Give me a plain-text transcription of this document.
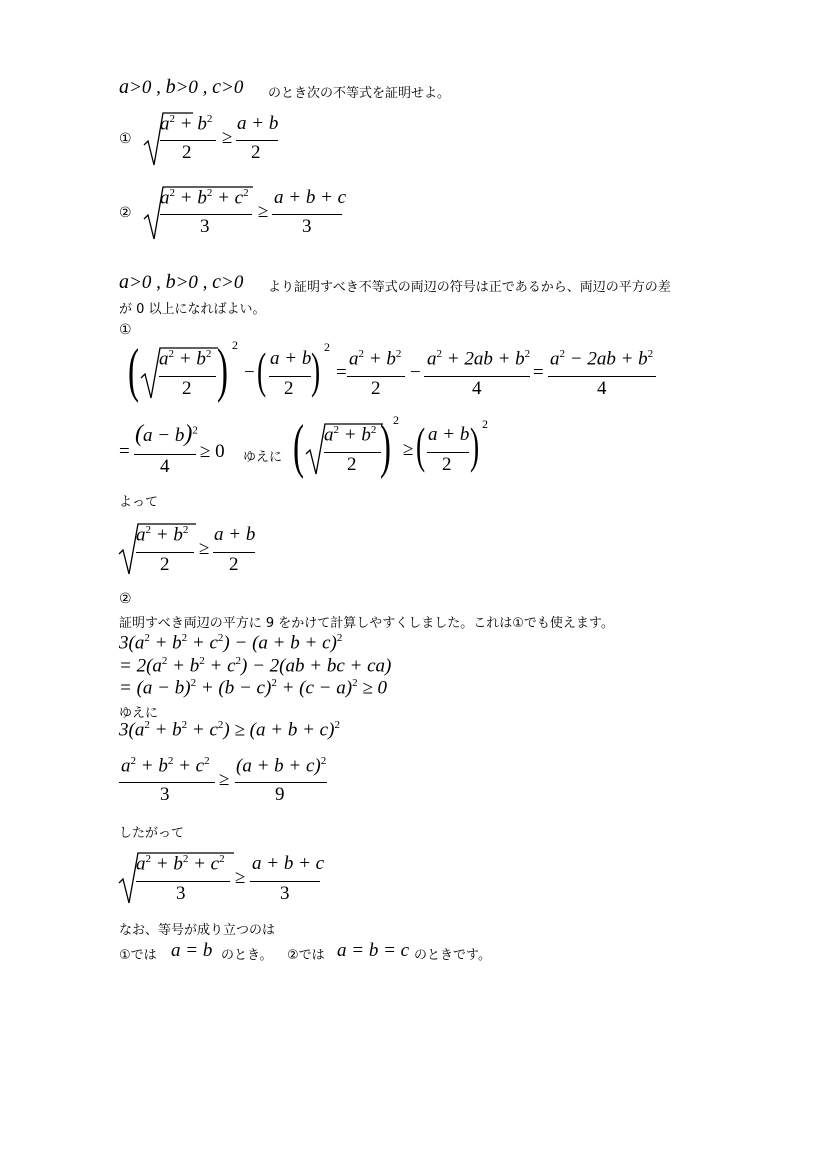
a>0 , b>0 , c>0 のとき次の不等式を証明せよ。
①
$a^2 + b^2$
2
≥
a + b
2
②
$a^2 + b^2 + c^2$
3
≥
a + b + c
3
a>0 , b>0 , c>0 より証明すべき不等式の両辺の符号は正であるから、両辺の平方の差
が 0 以上になればよい。
①
( $a^2 + b^2$
2 ) 2
− ( a + b
2 ) 2
=
$a^2 + b^2$
2
−
$a^2 + 2ab + b^2$
4
=
$a^2 - 2ab + b^2$
4
=
$(a - b)^2$
4
≥ 0 ゆえに ( $a^2 + b^2$
2 ) 2
≥ ( a + b
2 ) 2
よって
$a^2 + b^2$
2
≥
a + b
2
②
証明すべき両辺の平方に 9 をかけて計算しやすくしました。これは①でも使えます。
$3(a^2 + b^2 + c^2) - (a + b + c)^2$
= $2(a^2 + b^2 + c^2) - 2(ab$ + bc + ca)
= $(a - b)^2 + (b - c)^2 + (c - a)^2 \ge 0$
ゆえに
$3(a^2 + b^2 + c^2) \ge (a + b + c)^2$
$a^2 + b^2 + c^2$
3
≥
$(a + b + c)^2$
9
したがって
$a^2 + b^2 + c^2$
3
≥
a + b + c
3
なお、等号が成り立つのは
①では a = b のとき。 ②では a = b = c のときです。
